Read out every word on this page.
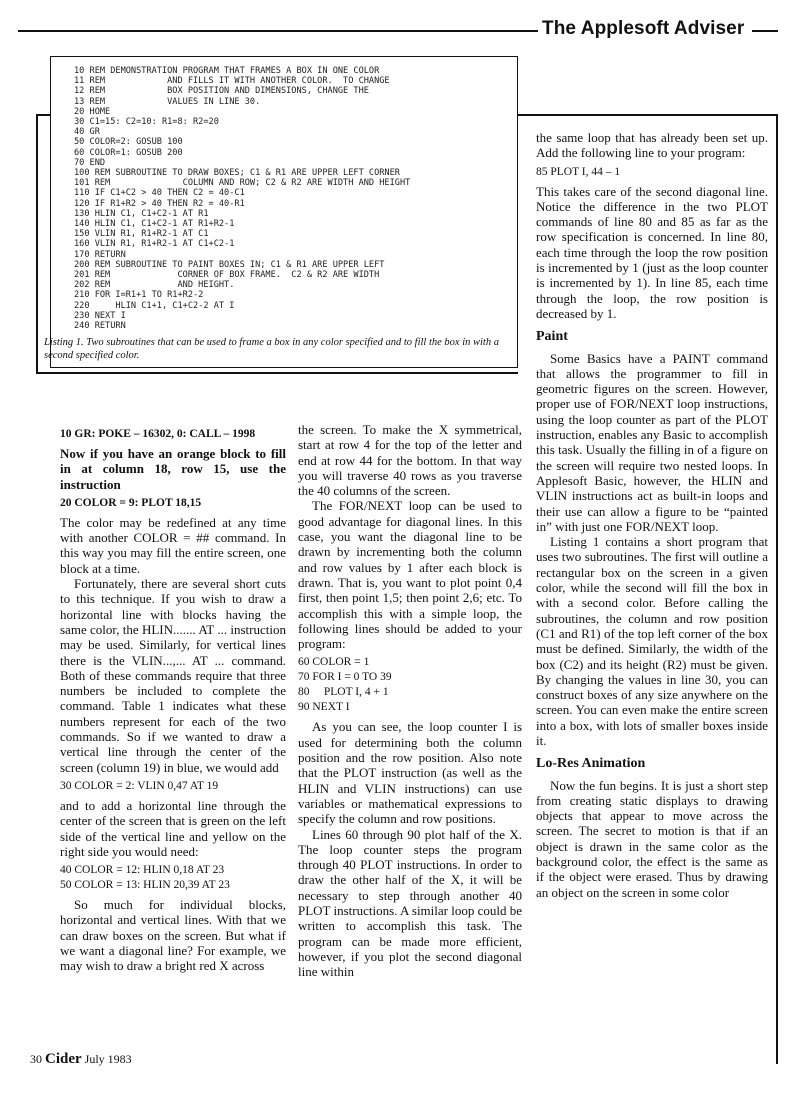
The Applesoft Adviser
10 REM DEMONSTRATION PROGRAM THAT FRAMES A BOX IN ONE COLOR
11 REM            AND FILLS IT WITH ANOTHER COLOR.  TO CHANGE
12 REM            BOX POSITION AND DIMENSIONS, CHANGE THE
13 REM            VALUES IN LINE 30.
20 HOME
30 C1=15: C2=10: R1=8: R2=20
40 GR
50 COLOR=2: GOSUB 100
60 COLOR=1: GOSUB 200
70 END
100 REM SUBROUTINE TO DRAW BOXES; C1 & R1 ARE UPPER LEFT CORNER
101 REM              COLUMN AND ROW; C2 & R2 ARE WIDTH AND HEIGHT
110 IF C1+C2 > 40 THEN C2 = 40-C1
120 IF R1+R2 > 40 THEN R2 = 40-R1
130 HLIN C1, C1+C2-1 AT R1
140 HLIN C1, C1+C2-1 AT R1+R2-1
150 VLIN R1, R1+R2-1 AT C1
160 VLIN R1, R1+R2-1 AT C1+C2-1
170 RETURN
200 REM SUBROUTINE TO PAINT BOXES IN; C1 & R1 ARE UPPER LEFT
201 REM             CORNER OF BOX FRAME.  C2 & R2 ARE WIDTH
202 REM             AND HEIGHT.
210 FOR I=R1+1 TO R1+R2-2
220     HLIN C1+1, C1+C2-2 AT I
230 NEXT I
240 RETURN
Listing 1. Two subroutines that can be used to frame a box in any color specified and to fill the box in with a second specified color.

10 GR: POKE – 16302, 0: CALL – 1998

Now if you have an orange block to fill in at column 18, row 15, use the instruction

20 COLOR = 9: PLOT 18,15

The color may be redefined at any time with another COLOR = ## command. In this way you may fill the entire screen, one block at a time.

Fortunately, there are several short cuts to this technique. If you wish to draw a horizontal line with blocks having the same color, the HLIN....... AT ... instruction may be used. Similarly, for vertical lines there is the VLIN...,... AT ... command. Both of these commands require that three numbers be included to complete the command. Table 1 indicates what these numbers represent for each of the two commands. So if we wanted to draw a vertical line through the center of the screen (column 19) in blue, we would add

30 COLOR = 2: VLIN 0,47 AT 19

and to add a horizontal line through the center of the screen that is green on the left side of the vertical line and yellow on the right side you would need:

40 COLOR = 12: HLIN 0,18 AT 23

50 COLOR = 13: HLIN 20,39 AT 23

So much for individual blocks, horizontal and vertical lines. With that we can draw boxes on the screen. But what if we want a diagonal line? For example, we may wish to draw a bright red X across

the screen. To make the X symmetrical, start at row 4 for the top of the letter and end at row 44 for the bottom. In that way you will traverse 40 rows as you traverse the 40 columns of the screen.

The FOR/NEXT loop can be used to good advantage for diagonal lines. In this case, you want the diagonal line to be drawn by incrementing both the column and row values by 1 after each block is drawn. That is, you want to plot point 0,4 first, then point 1,5; then point 2,6; etc. To accomplish this with a simple loop, the following lines should be added to your program:

60 COLOR = 1

70 FOR I = 0 TO 39

80     PLOT I, 4 + 1

90 NEXT I

As you can see, the loop counter I is used for determining both the column position and the row position. Also note that the PLOT instruction (as well as the HLIN and VLIN instructions) can use variables or mathematical expressions to specify the column and row positions.

Lines 60 through 90 plot half of the X. The loop counter steps the program through 40 PLOT instructions. In order to draw the other half of the X, it will be necessary to step through another 40 PLOT instructions. A similar loop could be written to accomplish this task. The program can be made more efficient, however, if you plot the second diagonal line within

the same loop that has already been set up. Add the following line to your program:

85 PLOT I, 44 – 1

This takes care of the second diagonal line. Notice the difference in the two PLOT commands of line 80 and 85 as far as the row specification is concerned. In line 80, each time through the loop the row position is incremented by 1 (just as the loop counter is incremented by 1). In line 85, each time through the loop, the row position is decreased by 1.

Paint

Some Basics have a PAINT command that allows the programmer to fill in geometric figures on the screen. However, proper use of FOR/NEXT loop instructions, using the loop counter as part of the PLOT instruction, enables any Basic to accomplish this task. Usually the filling in of a figure on the screen will require two nested loops. In Applesoft Basic, however, the HLIN and VLIN instructions act as built-in loops and their use can allow a figure to be “painted in” with just one FOR/NEXT loop.

Listing 1 contains a short program that uses two subroutines. The first will outline a rectangular box on the screen in a given color, while the second will fill the box in with a second color. Before calling the subroutines, the column and row position (C1 and R1) of the top left corner of the box must be defined. Similarly, the width of the box (C2) and its height (R2) must be given. By changing the values in line 30, you can construct boxes of any size anywhere on the screen. You can even make the entire screen into a box, with lots of smaller boxes inside it.

Lo-Res Animation

Now the fun begins. It is just a short step from creating static displays to drawing objects that appear to move across the screen. The secret to motion is that if an object is drawn in the same color as the background color, the effect is the same as if the object were erased. Thus by drawing an object on the screen in some color

30 Cider July 1983
